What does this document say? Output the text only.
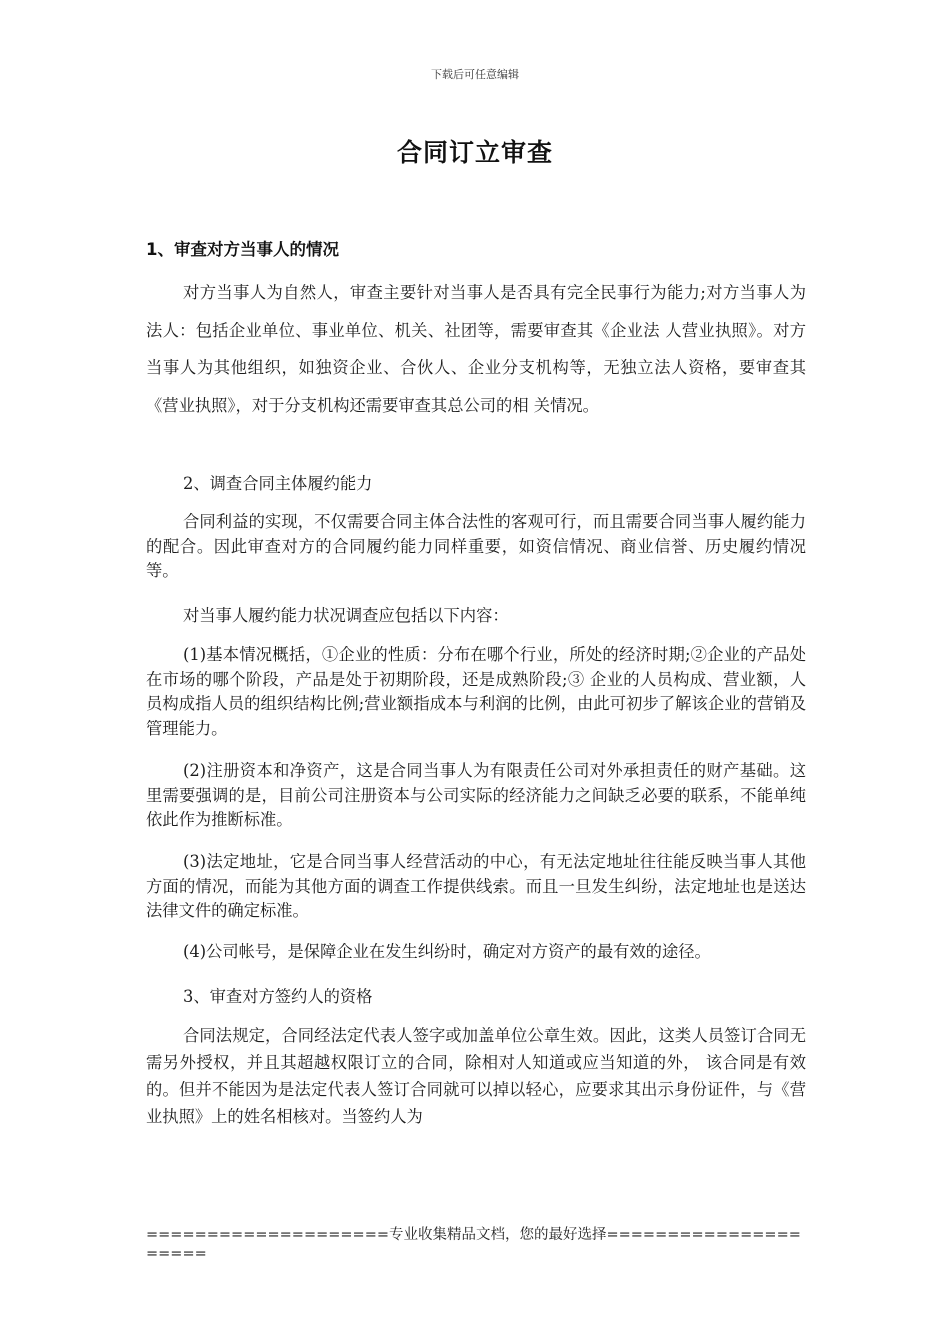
下载后可任意编辑
合同订立审查
1、审查对方当事人的情况
对方当事人为自然人，审查主要针对当事人是否具有完全民事行为能力;对方当事人为法人：包括企业单位、事业单位、机关、社团等，需要审查其《企业法 人营业执照》。对方当事人为其他组织，如独资企业、合伙人、企业分支机构等，无独立法人资格，要审查其《营业执照》，对于分支机构还需要审查其总公司的相 关情况。
2、调查合同主体履约能力
合同利益的实现，不仅需要合同主体合法性的客观可行，而且需要合同当事人履约能力的配合。因此审查对方的合同履约能力同样重要，如资信情况、商业信誉、历史履约情况等。
对当事人履约能力状况调查应包括以下内容：
(1)基本情况概括，①企业的性质：分布在哪个行业，所处的经济时期;②企业的产品处在市场的哪个阶段，产品是处于初期阶段，还是成熟阶段;③ 企业的人员构成、营业额，人员构成指人员的组织结构比例;营业额指成本与利润的比例，由此可初步了解该企业的营销及管理能力。
(2)注册资本和净资产，这是合同当事人为有限责任公司对外承担责任的财产基础。这里需要强调的是，目前公司注册资本与公司实际的经济能力之间缺乏必要的联系，不能单纯依此作为推断标准。
(3)法定地址，它是合同当事人经营活动的中心，有无法定地址往往能反映当事人其他方面的情况，而能为其他方面的调查工作提供线索。而且一旦发生纠纷，法定地址也是送达法律文件的确定标准。
(4)公司帐号，是保障企业在发生纠纷时，确定对方资产的最有效的途径。
3、审查对方签约人的资格
合同法规定，合同经法定代表人签字或加盖单位公章生效。因此，这类人员签订合同无需另外授权，并且其超越权限订立的合同，除相对人知道或应当知道的外， 该合同是有效的。但并不能因为是法定代表人签订合同就可以掉以轻心，应要求其出示身份证件，与《营业执照》上的姓名相核对。当签约人为
====================专业收集精品文档，您的最好选择=====================
